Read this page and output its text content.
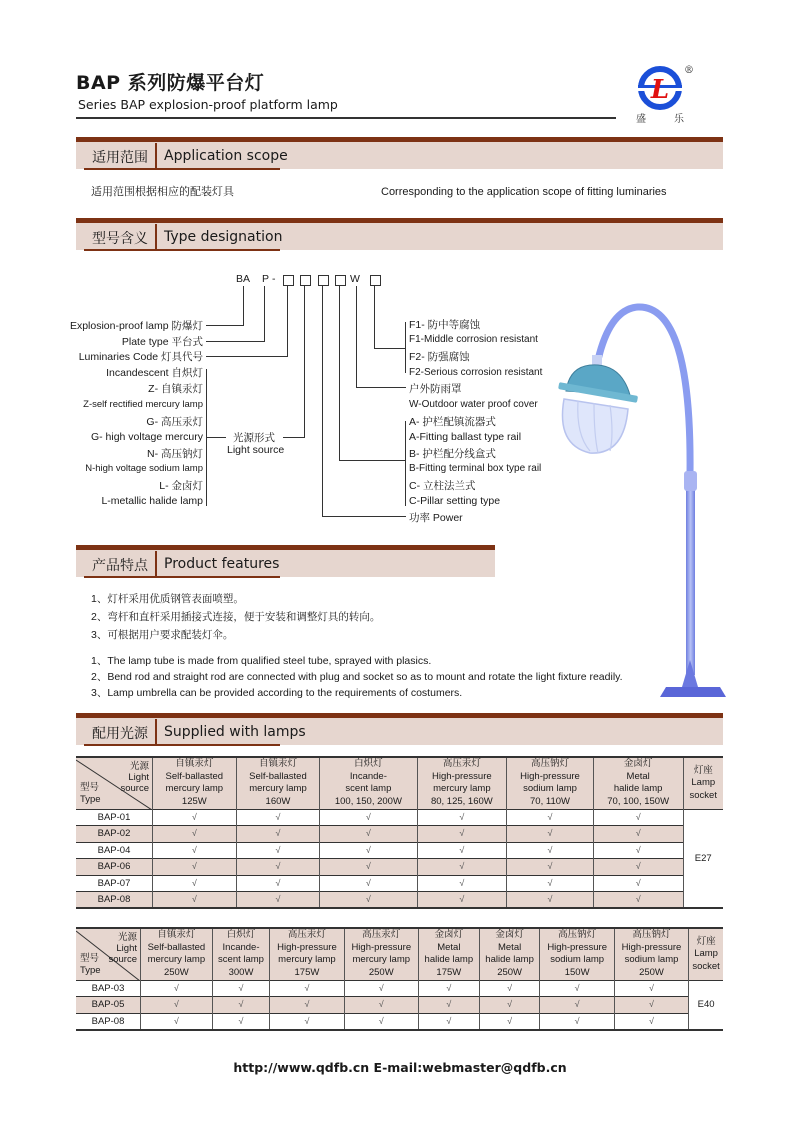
BAP 系列防爆平台灯
Series BAP explosion-proof platform lamp	L
®
盛	乐
适用范围 Application scope
适用范围根据相应的配装灯具	Corresponding to the application scope of fitting luminaries
型号含义 Type designation
BA P -	W
Explosion-proof lamp 防爆灯
Plate type 平台式
Luminaries Code 灯具代号
Incandescent 自炽灯
Z- 自镇汞灯
Z-self rectified mercury lamp
G- 高压汞灯
G- high voltage mercury
N- 高压钠灯
N-high voltage sodium lamp
L- 金卤灯
L-metallic halide lamp
光源形式
Light source
F1- 防中等腐蚀
F1-Middle corrosion resistant
F2- 防强腐蚀
F2-Serious corrosion resistant
户外防雨罩
W-Outdoor water proof cover
A- 护栏配镇流器式
A-Fitting ballast type rail
B- 护栏配分线盒式
B-Fitting terminal box type rail
C- 立柱法兰式
C-Pillar setting type
功率 Power
产品特点 Product features
1、灯杆采用优质钢管表面喷塑。
2、弯杆和直杆采用插接式连接，便于安装和调整灯具的转向。
3、可根据用户要求配装灯伞。
1、The lamp tube is made from qualified steel tube, sprayed with plasics.
2、Bend rod and straight rod are connected with plug and socket so as to mount and rotate the light fixture readily.
3、Lamp umbrella can be provided according to the requirements of costumers.
配用光源 Supplied with lamps
光源
Light
source
型号
Type
	自镇汞灯
Self-ballasted
mercury lamp
125W	自镇汞灯
Self-ballasted
mercury lamp
160W	白炽灯
Incande-
scent lamp
100, 150, 200W	高压汞灯
High-pressure
mercury lamp
80, 125, 160W	高压钠灯
High-pressure
sodium lamp
70, 110W	金卤灯
Metal
halide lamp
70, 100, 150W	灯座
Lamp
socket
BAP-01	√	√	√	√	√	√	E27
BAP-02	√	√	√	√	√	√	
BAP-04	√	√	√	√	√	√	
BAP-06	√	√	√	√	√	√	
BAP-07	√	√	√	√	√	√	
BAP-08	√	√	√	√	√	√	
光源
Light
source
型号
Type
	自镇汞灯
Self-ballasted
mercury lamp
250W	白炽灯
Incande-
scent lamp
300W	高压汞灯
High-pressure
mercury lamp
175W	高压汞灯
High-pressure
mercury lamp
250W	金卤灯
Metal
halide lamp
175W	金卤灯
Metal
halide lamp
250W	高压钠灯
High-pressure
sodium lamp
150W	高压钠灯
High-pressure
sodium lamp
250W	灯座
Lamp
socket
BAP-03	√	√	√	√	√	√	√	√	E40
BAP-05	√	√	√	√	√	√	√	√	
BAP-08	√	√	√	√	√	√	√	√	
http://www.qdfb.cn E-mail:webmaster@qdfb.cn
